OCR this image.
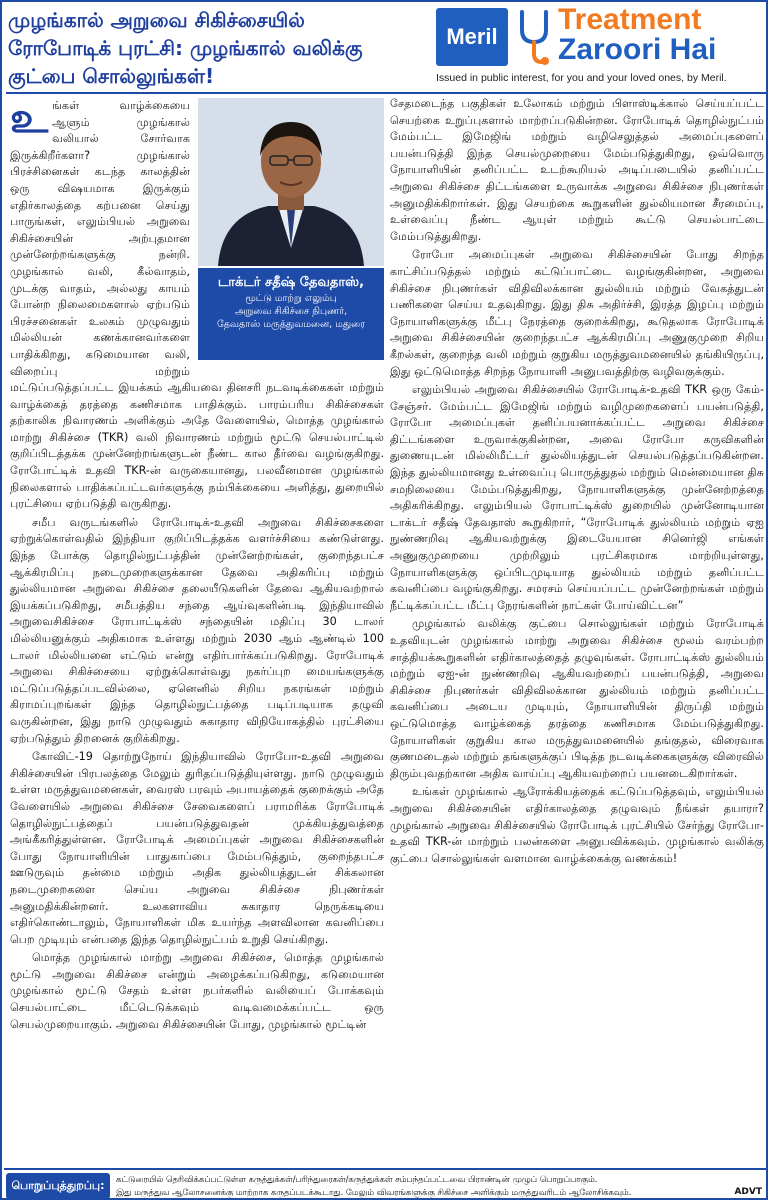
முழங்கால் அறுவை சிகிச்சையில்
ரோபோடிக் புரட்சி: முழங்கால் வலிக்கு
குட்பை சொல்லுங்கள்!
Meril
Treatment
Zaroori Hai
Issued in public interest, for you and your loved ones, by Meril.
டாக்டர் சதீஷ் தேவதாஸ்,
மூட்டு மாற்று எலும்பு
அறுவை சிகிச்சை நிபுணர்,
தேவதாஸ் மருத்துவமனை, மதுரை

உங்கள் வாழ்க்கையை ஆளும் முழங்கால் வலியால் சோர்வாக இருக்கிறீர்களா? முழங்கால் பிரச்சினைகள் கடந்த காலத்தின் ஒரு விஷயமாக இருக்கும் எதிர்காலத்தை கற்பனை செய்து பாருங்கள், எலும்பியல் அறுவை சிகிச்சையின் அற்புதமான முன்னேற்றங்களுக்கு நன்றி. முழங்கால் வலி, கீல்வாதம், முடக்கு வாதம், அல்லது காயம் போன்ற நிலைமைகளால் ஏற்படும் பிரச்சனைகள் உலகம் முழுவதும் மில்லியன் கணக்கானவர்களை பாதிக்கிறது, கடுமையான வலி, விறைப்பு மற்றும் மட்டுப்படுத்தப்பட்ட இயக்கம் ஆகியவை தினசரி நடவடிக்கைகள் மற்றும் வாழ்க்கைத் தரத்தை கணிசமாக பாதிக்கும். பாரம்பரிய சிகிச்சைகள் தற்காலிக நிவாரணம் அளிக்கும் அதே வேளையில், மொத்த முழங்கால் மாற்று சிகிச்சை (TKR) வலி நிவாரணம் மற்றும் மூட்டு செயல்பாட்டில் குறிப்பிடத்தக்க முன்னேற்றங்களுடன் நீண்ட கால தீர்வை வழங்குகிறது. ரோபோட்டிக் உதவி TKR-ன் வருகையானது, பலவீனமான முழங்கால் நிலைகளால் பாதிக்கப்பட்டவர்களுக்கு நம்பிக்கையை அளித்து, துறையில் புரட்சியை ஏற்படுத்தி வருகிறது.

சமீப வருடங்களில் ரோபோடிக்-உதவி அறுவை சிகிச்சைகளை ஏற்றுக்கொள்வதில் இந்தியா குறிப்பிடத்தக்க வளர்ச்சியை கண்டுள்ளது. இந்த போக்கு தொழில்நுட்பத்தின் முன்னேற்றங்கள், குறைந்தபட்ச ஆக்கிரமிப்பு நடைமுறைகளுக்கான தேவை அதிகரிப்பு மற்றும் துல்லியமான அறுவை சிகிச்சை தலையீடுகளின் தேவை ஆகியவற்றால் இயக்கப்படுகிறது, சமீபத்திய சந்தை ஆய்வுகளின்படி இந்தியாவில் அறுவைசிகிச்சை ரோபாட்டிக்ஸ் சந்தையின் மதிப்பு 30 டாலர் மில்லியனுக்கும் அதிகமாக உள்ளது மற்றும் 2030 ஆம் ஆண்டில் 100 டாலர் மில்லியனை எட்டும் என்று எதிர்பார்க்கப்படுகிறது. ரோபோடிக் அறுவை சிகிச்சையை ஏற்றுக்கொள்வது நகர்ப்புற மையங்களுக்கு மட்டுப்படுத்தப்படவில்லை, ஏனெனில் சிறிய நகரங்கள் மற்றும் கிராமப்புறங்கள் இந்த தொழில்நுட்பத்தை படிப்படியாக தழுவி வருகின்றன, இது நாடு முழுவதும் சுகாதார விநியோகத்தில் புரட்சியை ஏற்படுத்தும் திறனைக் குறிக்கிறது.

கோவிட்-19 தொற்றுநோய் இந்தியாவில் ரோபோ-உதவி அறுவை சிகிச்சையின் பிரபலத்தை மேலும் துரிதப்படுத்தியுள்ளது. நாடு முழுவதும் உள்ள மருத்துவமனைகள், வைரஸ் பரவும் அபாயத்தைக் குறைக்கும் அதே வேளையில் அறுவை சிகிச்சை சேவைகளைப் பராமரிக்க ரோபோடிக் தொழில்நுட்பத்தைப் பயன்படுத்துவதன் முக்கியத்துவத்தை அங்கீகரித்துள்ளன. ரோபோடிக் அமைப்புகள் அறுவை சிகிச்சைகளின் போது நோயாளியின் பாதுகாப்பை மேம்படுத்தும், குறைந்தபட்ச ஊடுருவும் தன்மை மற்றும் அதிக துல்லியத்துடன் சிக்கலான நடைமுறைகளை செய்ய அறுவை சிகிச்சை நிபுணர்கள் அனுமதிக்கின்றனர். உலகளாவிய சுகாதார நெருக்கடியை எதிர்கொண்டாலும், நோயாளிகள் மிக உயர்ந்த அளவிலான கவனிப்பை பெற முடியும் என்பதை இந்த தொழில்நுட்பம் உறுதி செய்கிறது.

மொத்த முழங்கால் மாற்று அறுவை சிகிச்சை, மொத்த முழங்கால் மூட்டு அறுவை சிகிச்சை என்றும் அழைக்கப்படுகிறது, கடுமையான முழங்கால் மூட்டு சேதம் உள்ள நபர்களில் வலியைப் போக்கவும் செயல்பாட்டை மீட்டெடுக்கவும் வடிவமைக்கப்பட்ட ஒரு செயல்முறையாகும். அறுவை சிகிச்சையின் போது, முழங்கால் மூட்டின்

சேதமடைந்த பகுதிகள் உலோகம் மற்றும் பிளாஸ்டிக்கால் செய்யப்பட்ட செயற்கை உறுப்புகளால் மாற்றப்படுகின்றன. ரோபோடிக் தொழில்நுட்பம் மேம்பட்ட இமேஜிங் மற்றும் வழிசெலுத்தல் அமைப்புகளைப் பயன்படுத்தி இந்த செயல்முறையை மேம்படுத்துகிறது, ஒவ்வொரு நோயாளியின் தனிப்பட்ட உடற்கூறியல் அடிப்படையில் தனிப்பட்ட அறுவை சிகிச்சை திட்டங்களை உருவாக்க அறுவை சிகிச்சை நிபுணர்கள் அனுமதிக்கிறார்கள். இது செயற்கை கூறுகளின் துல்லியமான சீரமைப்பு, உள்வைப்பு நீண்ட ஆயுள் மற்றும் கூட்டு செயல்பாட்டை மேம்படுத்துகிறது.

ரோபோ அமைப்புகள் அறுவை சிகிச்சையின் போது சிறந்த காட்சிப்படுத்தல் மற்றும் கட்டுப்பாட்டை வழங்குகின்றன, அறுவை சிகிச்சை நிபுணர்கள் விதிவிலக்கான துல்லியம் மற்றும் வேகத்துடன் பணிகளை செய்ய உதவுகிறது. இது திசு அதிர்ச்சி, இரத்த இழப்பு மற்றும் நோயாளிகளுக்கு மீட்பு நேரத்தை குறைக்கிறது, கூடுதலாக ரோபோடிக் அறுவை சிகிச்சையின் குறைந்தபட்ச ஆக்கிரமிப்பு அணுகுமுறை சிறிய கீறல்கள், குறைந்த வலி மற்றும் குறுகிய மருத்துவமனையில் தங்கியிருப்பு, இது ஒட்டுமொத்த சிறந்த நோயாளி அனுபவத்திற்கு வழிவகுக்கும்.

எலும்பியல் அறுவை சிகிச்சையில் ரோபோடிக்-உதவி TKR ஒரு கேம்-சேஞ்சர். மேம்பட்ட இமேஜிங் மற்றும் வழிமுறைகளைப் பயன்படுத்தி, ரோபோ அமைப்புகள் தனிப்பயனாக்கப்பட்ட அறுவை சிகிச்சை திட்டங்களை உருவாக்குகின்றன, அவை ரோபோ கருவிகளின் துணையுடன் மில்லிமீட்டர் துல்லியத்துடன் செயல்படுத்தப்படுகின்றன. இந்த துல்லியமானது உள்வைப்பு பொருத்துதல் மற்றும் மென்மையான திசு சமநிலையை மேம்படுத்துகிறது, நோயாளிகளுக்கு முன்னேற்றத்தை அதிகரிக்கிறது. எலும்பியல் ரோபாட்டிக்ஸ் துறையில் முன்னோடியான டாக்டர் சதீஷ் தேவதாஸ் கூறுகிறார், “ரோபோடிக் துல்லியம் மற்றும் ஏஐ நுண்ணறிவு ஆகியவற்றுக்கு இடையேயான சினெர்ஜி எங்கள் அணுகுமுறையை முற்றிலும் புரட்சிகரமாக மாற்றியுள்ளது, நோயாளிகளுக்கு ஒப்பிடமுடியாத துல்லியம் மற்றும் தனிப்பட்ட கவனிப்பை வழங்குகிறது. சமரசம் செய்யப்பட்ட முன்னேற்றங்கள் மற்றும் நீட்டிக்கப்பட்ட மீட்பு நேரங்களின் நாட்கள் போய்விட்டன”

முழங்கால் வலிக்கு குட்பை சொல்லுங்கள் மற்றும் ரோபோடிக் உதவியுடன் முழங்கால் மாற்று அறுவை சிகிச்சை மூலம் வரம்பற்ற சாத்தியக்கூறுகளின் எதிர்காலத்தைத் தழுவுங்கள். ரோபாட்டிக்ஸ் துல்லியம் மற்றும் ஏஐ-ன் நுண்ணறிவு ஆகியவற்றைப் பயன்படுத்தி, அறுவை சிகிச்சை நிபுணர்கள் விதிவிலக்கான துல்லியம் மற்றும் தனிப்பட்ட கவனிப்பை அடைய முடியும், நோயாளியின் திருப்தி மற்றும் ஒட்டுமொத்த வாழ்க்கைத் தரத்தை கணிசமாக மேம்படுத்துகிறது. நோயாளிகள் குறுகிய கால மருத்துவமனையில் தங்குதல், விரைவாக குணமடைதல் மற்றும் தங்களுக்குப் பிடித்த நடவடிக்கைகளுக்கு விரைவில் திரும்புவதற்கான அதிக வாய்ப்பு ஆகியவற்றைப் பயனடைகிறார்கள்.

உங்கள் முழங்கால் ஆரோக்கியத்தைக் கட்டுப்படுத்தவும், எலும்பியல் அறுவை சிகிச்சையின் எதிர்காலத்தை தழுவவும் நீங்கள் தயாரா? முழங்கால் அறுவை சிகிச்சையில் ரோபோடிக் புரட்சியில் சேர்ந்து ரோபோ-உதவி TKR-ன் மாற்றும் பலன்களை அனுபவிக்கவும். முழங்கால் வலிக்கு குட்பை சொல்லுங்கள் வளமான வாழ்க்கைக்கு வணக்கம்!

பொறுப்புத்துறப்பு:	கட்டுரையில் தெரிவிக்கப்பட்டுள்ள கருத்துக்கள்/பரிந்துரைகள்/கருத்துக்கள் சம்பந்தப்பட்டவை பிராண்டின் முழுப் பொறுப்பாகும்.
இது மருத்துவ ஆலோசனைக்கு மாற்றாக கருதப்படக்கூடாது. மேலும் விவரங்களுக்கு சிகிச்சை அளிக்கும் மருத்துவரிடம் ஆலோசிக்கவும்.	ADVT
